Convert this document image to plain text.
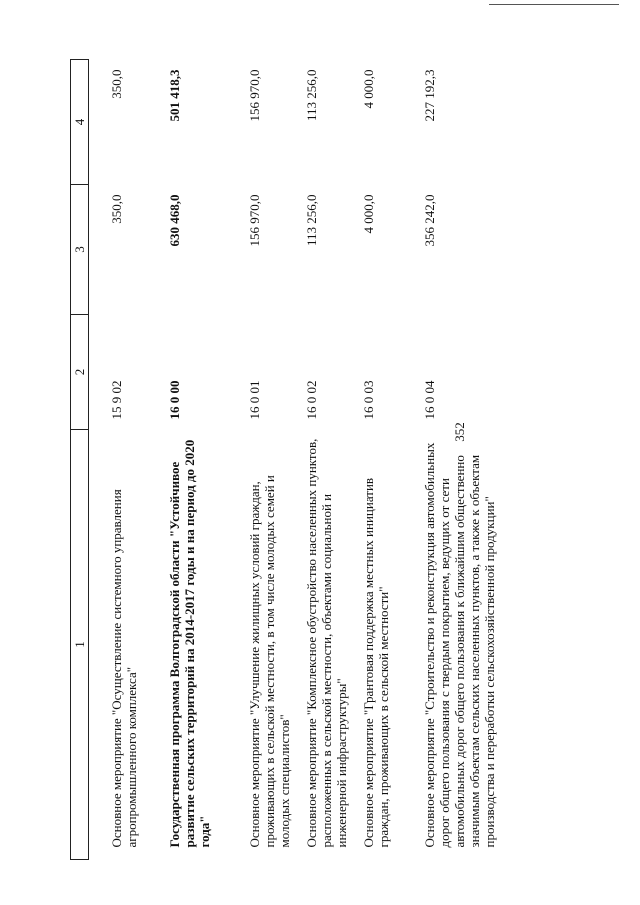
352
1	2	3	4
Основное мероприятие "Осуществление системного управления агропромышленного комплекса"	15 9 02	350,0	350,0
Государственная программа Волгоградской области "Устойчивое развитие сельских территорий на 2014-2017 годы и на период до 2020 года"	16 0 00	630 468,0	501 418,3
Основное мероприятие "Улучшение жилищных условий граждан, проживающих в сельской местности, в том числе молодых семей и молодых специалистов"	16 0 01	156 970,0	156 970,0
Основное мероприятие "Комплексное обустройство населенных пунктов, расположенных в сельской местности, объектами социальной и инженерной инфраструктуры"	16 0 02	113 256,0	113 256,0
Основное мероприятие "Грантовая поддержка местных инициатив граждан, проживающих в сельской местности"	16 0 03	4 000,0	4 000,0
Основное мероприятие "Строительство и реконструкция автомобильных дорог общего пользования с твердым покрытием, ведущих от сети автомобильных дорог общего пользования к ближайшим общественно значимым объектам сельских населенных пунктов, а также к объектам производства и переработки сельскохозяйственной продукции"	16 0 04	356 242,0	227 192,3
